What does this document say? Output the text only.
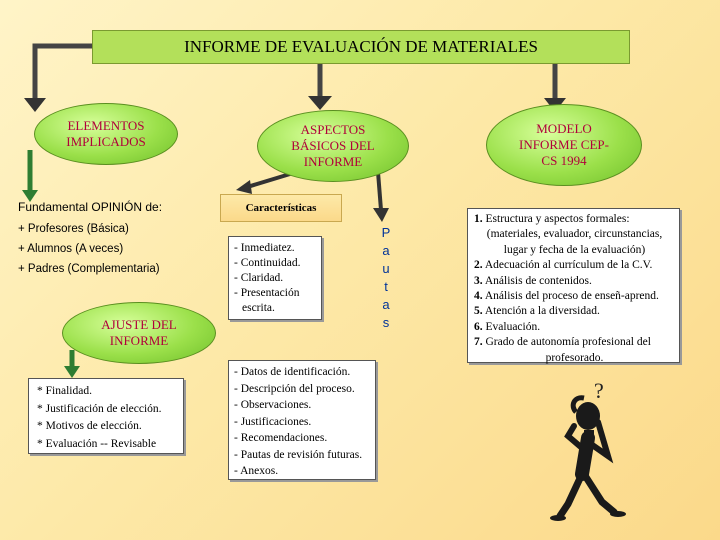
INFORME DE EVALUACIÓN DE MATERIALES
ELEMENTOS IMPLICADOS
ASPECTOS BÁSICOS DEL INFORME
MODELO INFORME CEP-CS 1994
Fundamental OPINIÓN de:
+ Profesores (Básica)
+ Alumnos (A veces)
+ Padres (Complementaria)
AJUSTE DEL INFORME

* Finalidad.

* Justificación de elección.

* Motivos de elección.

* Evaluación -- Revisable

Características

- Inmediatez.

- Continuidad.

- Claridad.

- Presentación

escrita.

P
a
u
t
a
s

- Datos de identificación.

- Descripción del proceso.

- Observaciones.

- Justificaciones.

- Recomendaciones.

- Pautas de revisión futuras.

- Anexos.

1. Estructura y aspectos formales:

(materiales, evaluador, circunstancias,

lugar y fecha de la evaluación)

2. Adecuación al currículum de la C.V.

3. Análisis de contenidos.

4. Análisis del proceso de enseñ-aprend.

5. Atención a la diversidad.

6. Evaluación.

7. Grado de autonomía profesional del

profesorado.

?
